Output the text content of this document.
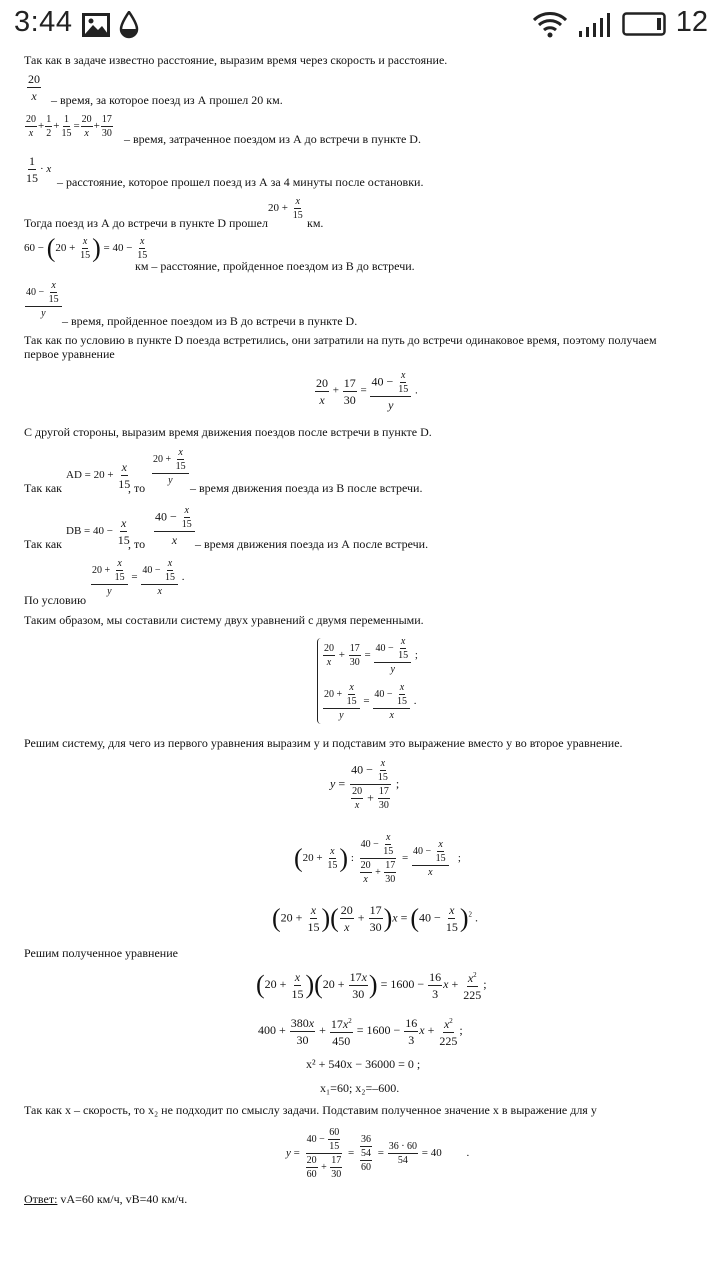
3:44	12
Так как в задаче известно расстояние, выразим время через скорость и расстояние.
$\frac{20}{x}$ – время, за которое поезд из А прошел 20 км.
$\frac{20}{x} + \frac{1}{2} + \frac{1}{15} = \frac{20}{x} + \frac{17}{30}$ – время, затраченное поездом из А до встречи в пункте D.
$\frac{1}{15} \cdot x$
– расстояние, которое прошел поезд из А за 4 минуты после остановки.
Тогда поезд из А до встречи в пункте D прошел
$20 + \frac{x}{15}$
км.
$60 - (20 + \frac{x}{15}$ ) = $40 - \frac{x}{15}$
км – расстояние, пройденное поездом из В до встречи.
$\frac{40 - \frac{x}{15}}{y}$
– время, пройденное поездом из В до встречи в пункте D.
Так как по условию в пункте D поезда встретились, они затратили на путь до встречи одинаковое время, поэтому получаем первое уравнение
$\frac{20}{x} + \frac{17}{30} = \frac{40 - \frac{x}{15}}{y}$ .
С другой стороны, выразим время движения поездов после встречи в пункте D.
AD = $20 + \frac{x}{15} \frac{20 + \frac{x}{15}}{y}$
Так как	, то	– время движения поезда из В после встречи.
DB = $40 - \frac{x}{15} \frac{40 - \frac{x}{15}}{x}$
Так как	, то	– время движения поезда из А после встречи.
$\frac{20 + \frac{x}{15}}{y} = \frac{40 - \frac{x}{15}}{x}$ .
По условию
Таким образом, мы составили систему двух уравнений с двумя переменными.
$\frac{20}{x} + \frac{17}{30} = \frac{40 - \frac{x}{15}}{y}$ ;
$\frac{20 + \frac{x}{15}}{y} = \frac{40 - \frac{x}{15}}{x}$ .
Решим систему, для чего из первого уравнения выразим y и подставим это выражение вместо y во второе уравнение.
$y = \frac{40 - \frac{x}{15}}{\frac{20}{x} + \frac{17}{30}}$ ;
($20 + \frac{x}{15}$ ) : $\frac{40 - \frac{x}{15}}{\frac{20}{x} + \frac{17}{30}} = \frac{40 - \frac{x}{15}}{x}$ ;
($20 + \frac{x}{15}$ )( $\frac{20}{x} + \frac{17}{30} )x = (40 - \frac{x}{15} )^2$ .
Решим полученное уравнение
$(20 + \frac{x}{15} )(20 + \frac{17x}{30}$ ) = $1600 - \frac{16}{3}$ $x + \frac{x^2}{225}$ ;
$400 + \frac{380x}{30} + \frac{17x^2}{450} = 1600 - \frac{16}{3}$ $x + \frac{x^2}{225}$ ;
x² + 540x − 36000 = 0 ;
x₁=60; x₂=–600.
Так как x – скорость, то x₂ не подходит по смыслу задачи. Подставим полученное значение x в выражение для y
$y = \frac{40 - \frac{60}{15}}{\frac{20}{60} + \frac{17}{30}} = \frac{36}{\frac{54}{60}} = \frac{36 \cdot 60}{54} = 40$         .
Ответ: vA=60 км/ч, vB=40 км/ч.
